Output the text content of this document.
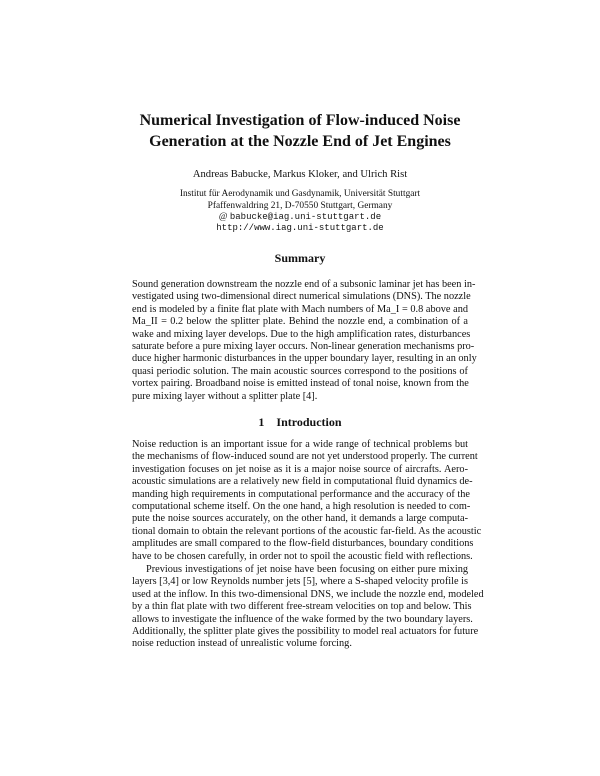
Numerical Investigation of Flow-induced Noise
Generation at the Nozzle End of Jet Engines

Andreas Babucke, Markus Kloker, and Ulrich Rist

Institut für Aerodynamik und Gasdynamik, Universität Stuttgart

Pfaffenwaldring 21, D-70550 Stuttgart, Germany

@ babucke@iag.uni-stuttgart.de

http://www.iag.uni-stuttgart.de

Summary
Sound generation downstream the nozzle end of a subsonic laminar jet has been in-
vestigated using two-dimensional direct numerical simulations (DNS). The nozzle
end is modeled by a finite flat plate with Mach numbers of Ma_I = 0.8 above and
Ma_II = 0.2 below the splitter plate. Behind the nozzle end, a combination of a
wake and mixing layer develops. Due to the high amplification rates, disturbances
saturate before a pure mixing layer occurs. Non-linear generation mechanisms pro-
duce higher harmonic disturbances in the upper boundary layer, resulting in an only
quasi periodic solution. The main acoustic sources correspond to the positions of
vortex pairing. Broadband noise is emitted instead of tonal noise, known from the
pure mixing layer without a splitter plate [4].
1 Introduction
Noise reduction is an important issue for a wide range of technical problems but
the mechanisms of flow-induced sound are not yet understood properly. The current
investigation focuses on jet noise as it is a major noise source of aircrafts. Aero-
acoustic simulations are a relatively new field in computational fluid dynamics de-
manding high requirements in computational performance and the accuracy of the
computational scheme itself. On the one hand, a high resolution is needed to com-
pute the noise sources accurately, on the other hand, it demands a large computa-
tional domain to obtain the relevant portions of the acoustic far-field. As the acoustic
amplitudes are small compared to the flow-field disturbances, boundary conditions
have to be chosen carefully, in order not to spoil the acoustic field with reflections.
Previous investigations of jet noise have been focusing on either pure mixing
layers [3,4] or low Reynolds number jets [5], where a S-shaped velocity profile is
used at the inflow. In this two-dimensional DNS, we include the nozzle end, modeled
by a thin flat plate with two different free-stream velocities on top and below. This
allows to investigate the influence of the wake formed by the two boundary layers.
Additionally, the splitter plate gives the possibility to model real actuators for future
noise reduction instead of unrealistic volume forcing.
